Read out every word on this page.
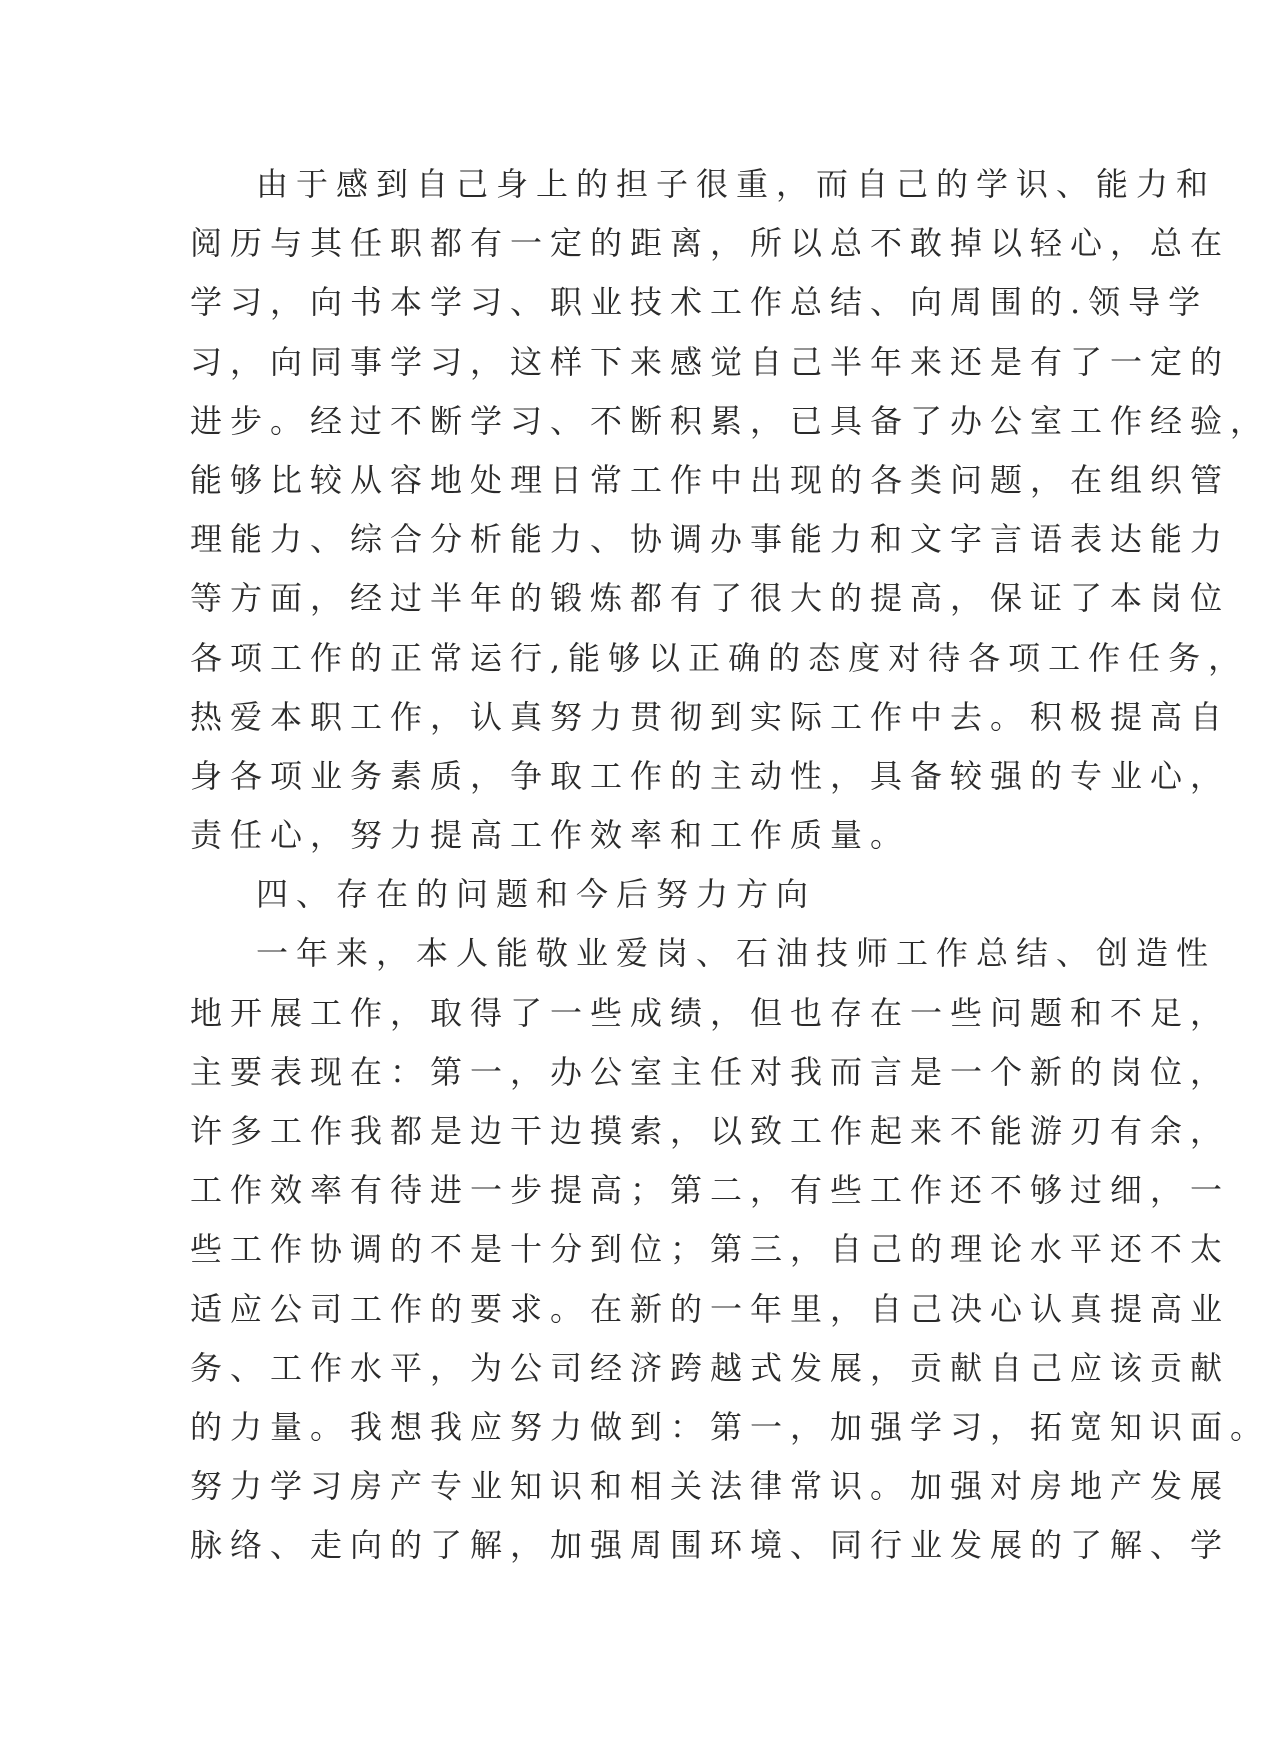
由于感到自己身上的担子很重，而自己的学识、能力和
阅历与其任职都有一定的距离，所以总不敢掉以轻心，总在
学习，向书本学习、职业技术工作总结、向周围的.领导学
习，向同事学习，这样下来感觉自己半年来还是有了一定的
进步。经过不断学习、不断积累，已具备了办公室工作经验，
能够比较从容地处理日常工作中出现的各类问题，在组织管
理能力、综合分析能力、协调办事能力和文字言语表达能力
等方面，经过半年的锻炼都有了很大的提高，保证了本岗位
各项工作的正常运行,能够以正确的态度对待各项工作任务，
热爱本职工作，认真努力贯彻到实际工作中去。积极提高自
身各项业务素质，争取工作的主动性，具备较强的专业心，
责任心，努力提高工作效率和工作质量。
四、存在的问题和今后努力方向
一年来，本人能敬业爱岗、石油技师工作总结、创造性
地开展工作，取得了一些成绩，但也存在一些问题和不足，
主要表现在：第一，办公室主任对我而言是一个新的岗位，
许多工作我都是边干边摸索，以致工作起来不能游刃有余，
工作效率有待进一步提高；第二，有些工作还不够过细，一
些工作协调的不是十分到位；第三，自己的理论水平还不太
适应公司工作的要求。在新的一年里，自己决心认真提高业
务、工作水平，为公司经济跨越式发展，贡献自己应该贡献
的力量。我想我应努力做到：第一，加强学习，拓宽知识面。
努力学习房产专业知识和相关法律常识。加强对房地产发展
脉络、走向的了解，加强周围环境、同行业发展的了解、学
